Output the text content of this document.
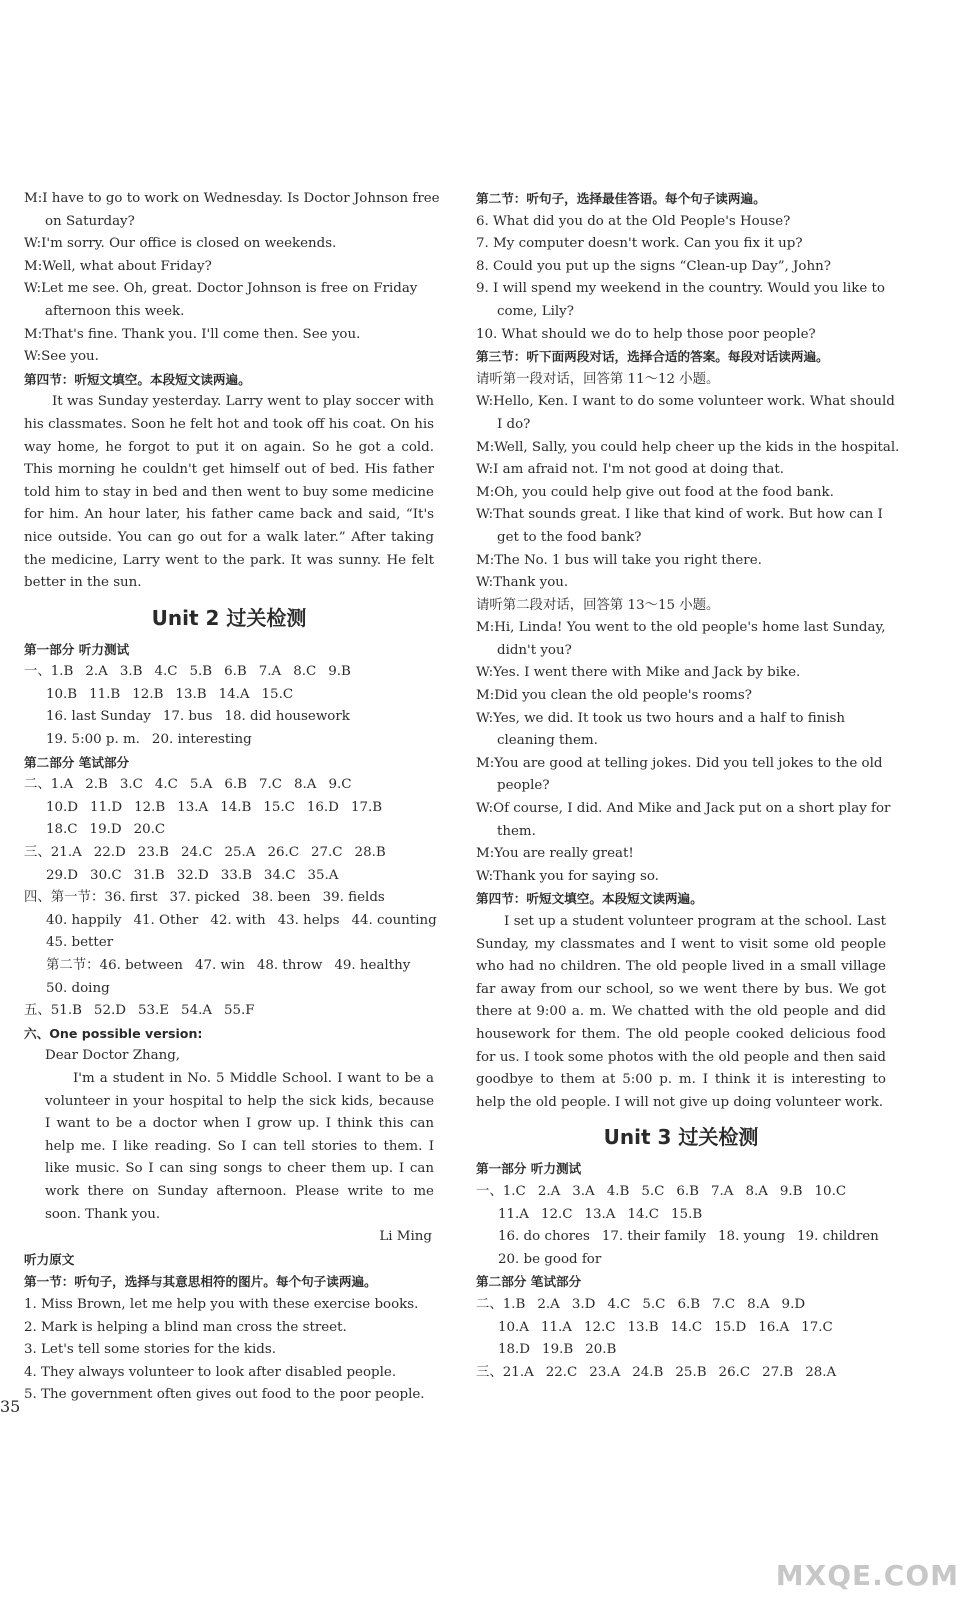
M:I have to go to work on Wednesday. Is Doctor Johnson free
on Saturday?
W:I'm sorry. Our office is closed on weekends.
M:Well, what about Friday?
W:Let me see. Oh, great. Doctor Johnson is free on Friday
afternoon this week.
M:That's fine. Thank you. I'll come then. See you.
W:See you.
第四节：听短文填空。本段短文读两遍。
It was Sunday yesterday. Larry went to play soccer with his classmates. Soon he felt hot and took off his coat. On his way home, he forgot to put it on again. So he got a cold. This morning he couldn't get himself out of bed. His father told him to stay in bed and then went to buy some medicine for him. An hour later, his father came back and said, “It's nice outside. You can go out for a walk later.” After taking the medicine, Larry went to the park. It was sunny. He felt better in the sun.
Unit 2 过关检测
第一部分 听力测试
一、1.B 2.A 3.B 4.C 5.B 6.B 7.A 8.C 9.B
10.B 11.B 12.B 13.B 14.A 15.C
16. last Sunday 17. bus 18. did housework
19. 5:00 p. m. 20. interesting
第二部分 笔试部分
二、1.A 2.B 3.C 4.C 5.A 6.B 7.C 8.A 9.C
10.D 11.D 12.B 13.A 14.B 15.C 16.D 17.B
18.C 19.D 20.C
三、21.A 22.D 23.B 24.C 25.A 26.C 27.C 28.B
29.D 30.C 31.B 32.D 33.B 34.C 35.A
四、第一节：36. first 37. picked 38. been 39. fields
40. happily 41. Other 42. with 43. helps 44. counting
45. better
第二节：46. between 47. win 48. throw 49. healthy
50. doing
五、51.B 52.D 53.E 54.A 55.F
六、One possible version:
Dear Doctor Zhang,
I'm a student in No. 5 Middle School. I want to be a volunteer in your hospital to help the sick kids, because I want to be a doctor when I grow up. I think this can help me. I like reading. So I can tell stories to them. I like music. So I can sing songs to cheer them up. I can work there on Sunday afternoon. Please write to me soon. Thank you.
Li Ming
听力原文
第一节：听句子，选择与其意思相符的图片。每个句子读两遍。
1. Miss Brown, let me help you with these exercise books.
2. Mark is helping a blind man cross the street.
3. Let's tell some stories for the kids.
4. They always volunteer to look after disabled people.
5. The government often gives out food to the poor people.
第二节：听句子，选择最佳答语。每个句子读两遍。
6. What did you do at the Old People's House?
7. My computer doesn't work. Can you fix it up?
8. Could you put up the signs “Clean-up Day”, John?
9. I will spend my weekend in the country. Would you like to
come, Lily?
10. What should we do to help those poor people?
第三节：听下面两段对话，选择合适的答案。每段对话读两遍。
请听第一段对话，回答第 11～12 小题。
W:Hello, Ken. I want to do some volunteer work. What should
I do?
M:Well, Sally, you could help cheer up the kids in the hospital.
W:I am afraid not. I'm not good at doing that.
M:Oh, you could help give out food at the food bank.
W:That sounds great. I like that kind of work. But how can I
get to the food bank?
M:The No. 1 bus will take you right there.
W:Thank you.
请听第二段对话，回答第 13～15 小题。
M:Hi, Linda! You went to the old people's home last Sunday,
didn't you?
W:Yes. I went there with Mike and Jack by bike.
M:Did you clean the old people's rooms?
W:Yes, we did. It took us two hours and a half to finish
cleaning them.
M:You are good at telling jokes. Did you tell jokes to the old
people?
W:Of course, I did. And Mike and Jack put on a short play for
them.
M:You are really great!
W:Thank you for saying so.
第四节：听短文填空。本段短文读两遍。
I set up a student volunteer program at the school. Last Sunday, my classmates and I went to visit some old people who had no children. The old people lived in a small village far away from our school, so we went there by bus. We got there at 9:00 a. m. We chatted with the old people and did housework for them. The old people cooked delicious food for us. I took some photos with the old people and then said goodbye to them at 5:00 p. m. I think it is interesting to help the old people. I will not give up doing volunteer work.
Unit 3 过关检测
第一部分 听力测试
一、1.C 2.A 3.A 4.B 5.C 6.B 7.A 8.A 9.B 10.C
11.A 12.C 13.A 14.C 15.B
16. do chores 17. their family 18. young 19. children
20. be good for
第二部分 笔试部分
二、1.B 2.A 3.D 4.C 5.C 6.B 7.C 8.A 9.D
10.A 11.A 12.C 13.B 14.C 15.D 16.A 17.C
18.D 19.B 20.B
三、21.A 22.C 23.A 24.B 25.B 26.C 27.B 28.A
35
MXQE.COM
